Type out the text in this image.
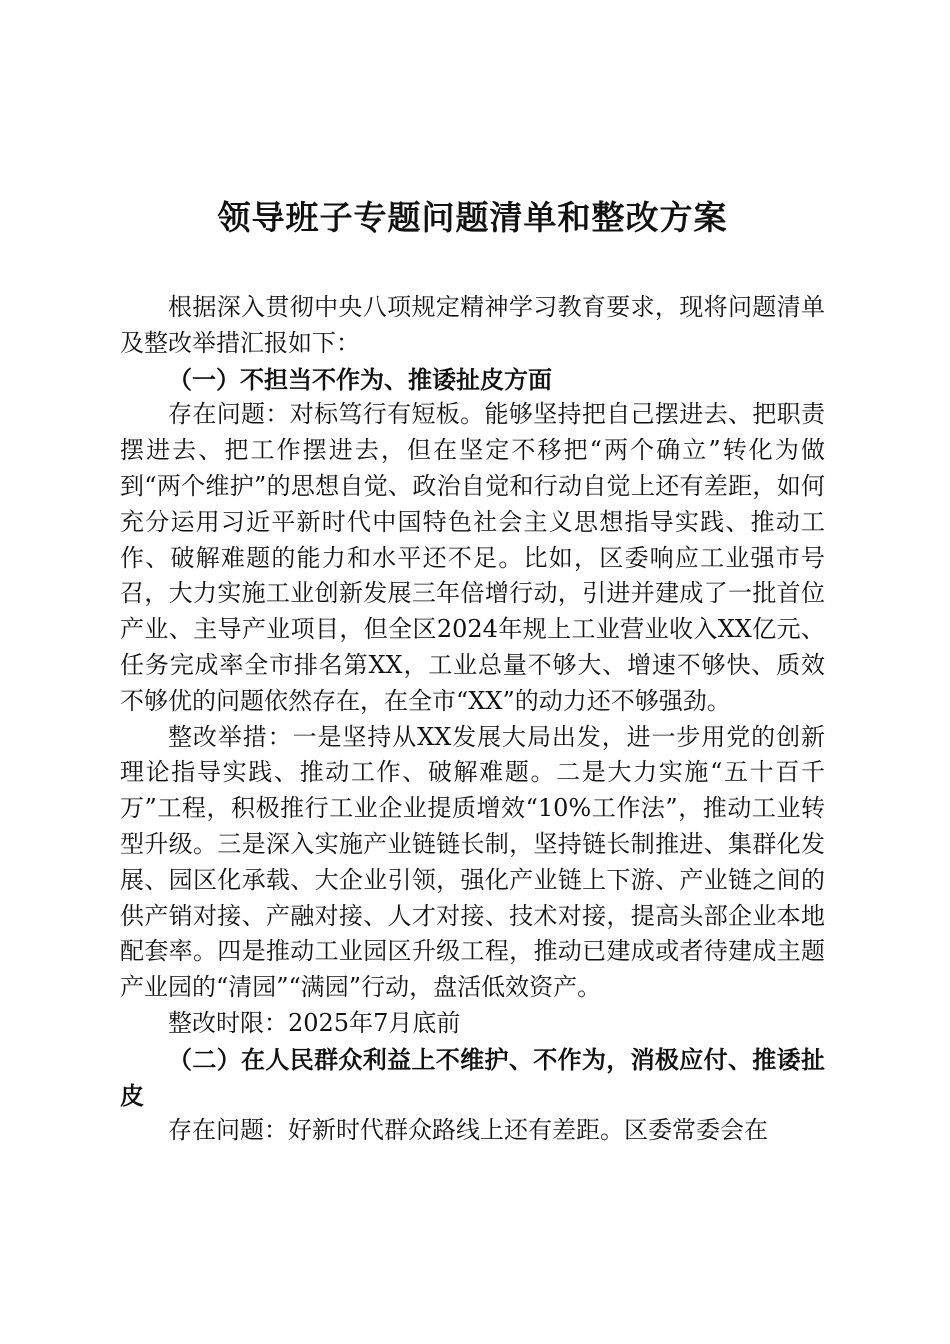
领导班子专题问题清单和整改方案

根据深入贯彻中央八项规定精神学习教育要求，现将问题清单及整改举措汇报如下：

（一）不担当不作为、推诿扯皮方面

存在问题：对标笃行有短板。能够坚持把自己摆进去、把职责摆进去、把工作摆进去，但在坚定不移把“两个确立”转化为做到“两个维护”的思想自觉、政治自觉和行动自觉上还有差距，如何充分运用习近平新时代中国特色社会主义思想指导实践、推动工作、破解难题的能力和水平还不足。比如，区委响应工业强市号召，大力实施工业创新发展三年倍增行动，引进并建成了一批首位产业、主导产业项目，但全区2024年规上工业营业收入XX亿元、任务完成率全市排名第XX，工业总量不够大、增速不够快、质效不够优的问题依然存在，在全市“XX”的动力还不够强劲。

整改举措：一是坚持从XX发展大局出发，进一步用党的创新理论指导实践、推动工作、破解难题。二是大力实施“五十百千万”工程，积极推行工业企业提质增效“10%工作法”，推动工业转型升级。三是深入实施产业链链长制，坚持链长制推进、集群化发展、园区化承载、大企业引领，强化产业链上下游、产业链之间的供产销对接、产融对接、人才对接、技术对接，提高头部企业本地配套率。四是推动工业园区升级工程，推动已建成或者待建成主题产业园的“清园”“满园”行动，盘活低效资产。

整改时限：2025年7月底前

（二）在人民群众利益上不维护、不作为，消极应付、推诿扯皮

存在问题：好新时代群众路线上还有差距。区委常委会在
